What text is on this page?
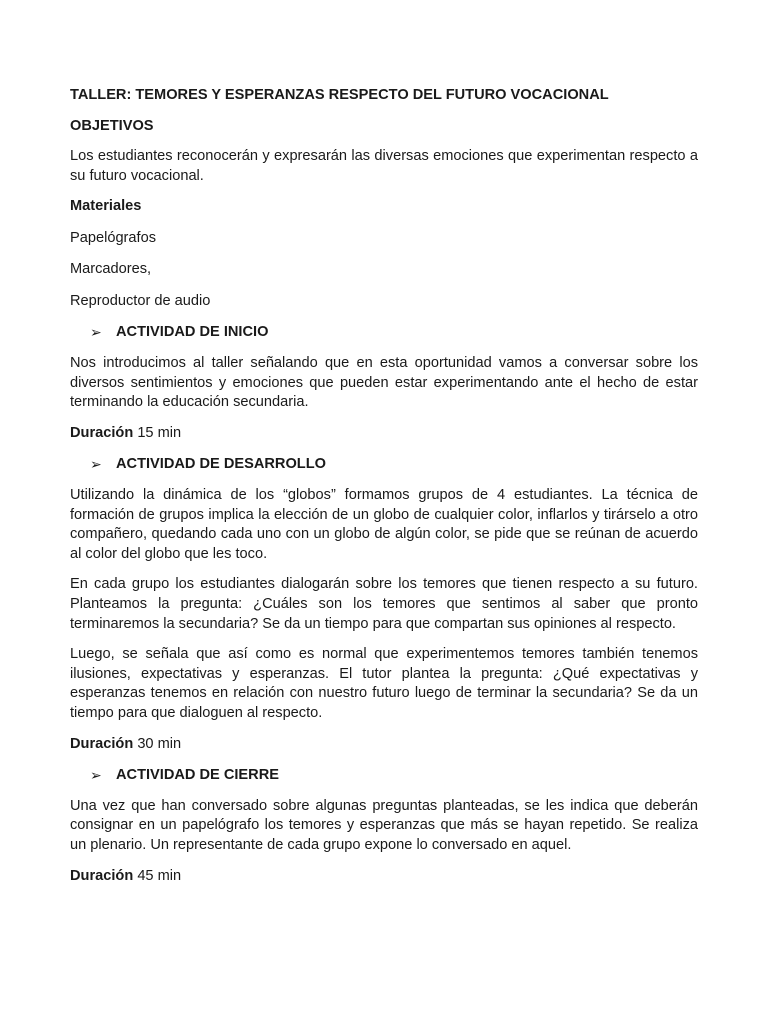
TALLER: TEMORES Y ESPERANZAS RESPECTO DEL FUTURO VOCACIONAL

OBJETIVOS

Los estudiantes reconocerán y expresarán las diversas emociones que experimentan respecto a su futuro vocacional.

Materiales

Papelógrafos

Marcadores,

Reproductor de audio

➢ ACTIVIDAD DE INICIO

Nos introducimos al taller señalando que en esta oportunidad vamos a conversar sobre los diversos sentimientos y emociones que pueden estar experimentando ante el hecho de estar terminando la educación secundaria.

Duración 15 min

➢ ACTIVIDAD DE DESARROLLO

Utilizando la dinámica de los “globos” formamos grupos de 4 estudiantes. La técnica de formación de grupos implica la elección de un globo de cualquier color, inflarlos y tirárselo a otro compañero, quedando cada uno con un globo de algún color, se pide que se reúnan de acuerdo al color del globo que les toco.

En cada grupo los estudiantes dialogarán sobre los temores que tienen respecto a su futuro. Planteamos la pregunta: ¿Cuáles son los temores que sentimos al saber que pronto terminaremos la secundaria? Se da un tiempo para que compartan sus opiniones al respecto.

Luego, se señala que así como es normal que experimentemos temores también tenemos ilusiones, expectativas y esperanzas. El tutor plantea la pregunta: ¿Qué expectativas y esperanzas tenemos en relación con nuestro futuro luego de terminar la secundaria? Se da un tiempo para que dialoguen al respecto.

Duración 30 min

➢ ACTIVIDAD DE CIERRE

Una vez que han conversado sobre algunas preguntas planteadas, se les indica que deberán consignar en un papelógrafo los temores y esperanzas que más se hayan repetido. Se realiza un plenario. Un representante de cada grupo expone lo conversado en aquel.

Duración 45 min
